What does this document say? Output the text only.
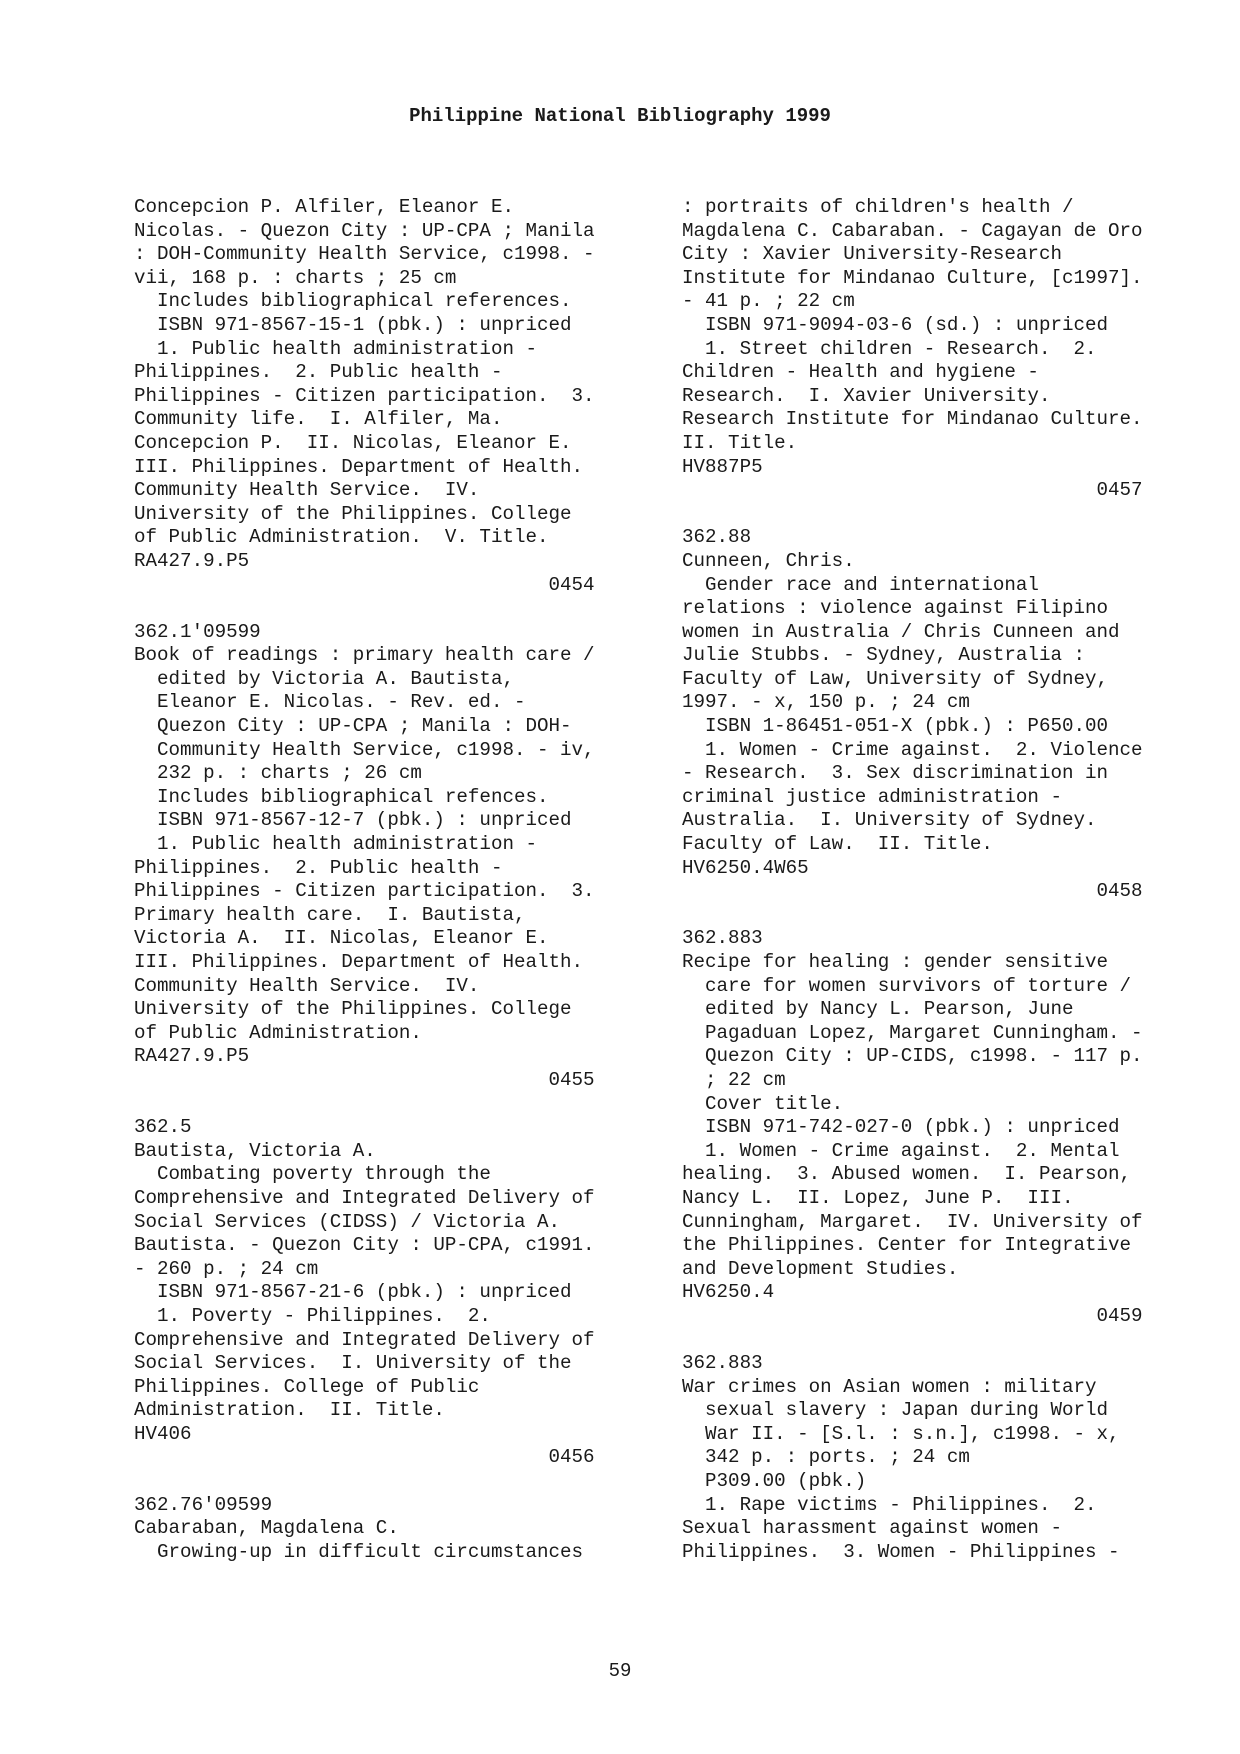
Philippine National Bibliography 1999
Concepcion P. Alfiler, Eleanor E.
Nicolas. - Quezon City : UP-CPA ; Manila
: DOH-Community Health Service, c1998. -
vii, 168 p. : charts ; 25 cm
Includes bibliographical references.
ISBN 971-8567-15-1 (pbk.) : unpriced
1. Public health administration -
Philippines.  2. Public health -
Philippines - Citizen participation.  3.
Community life.  I. Alfiler, Ma.
Concepcion P.  II. Nicolas, Eleanor E.
III. Philippines. Department of Health.
Community Health Service.  IV.
University of the Philippines. College
of Public Administration.  V. Title.
RA427.9.P5
0454
362.1'09599
Book of readings : primary health care /
edited by Victoria A. Bautista,
Eleanor E. Nicolas. - Rev. ed. -
Quezon City : UP-CPA ; Manila : DOH-
Community Health Service, c1998. - iv,
232 p. : charts ; 26 cm
Includes bibliographical refences.
ISBN 971-8567-12-7 (pbk.) : unpriced
1. Public health administration -
Philippines.  2. Public health -
Philippines - Citizen participation.  3.
Primary health care.  I. Bautista,
Victoria A.  II. Nicolas, Eleanor E.
III. Philippines. Department of Health.
Community Health Service.  IV.
University of the Philippines. College
of Public Administration.
RA427.9.P5
0455
362.5
Bautista, Victoria A.
Combating poverty through the
Comprehensive and Integrated Delivery of
Social Services (CIDSS) / Victoria A.
Bautista. - Quezon City : UP-CPA, c1991.
- 260 p. ; 24 cm
ISBN 971-8567-21-6 (pbk.) : unpriced
1. Poverty - Philippines.  2.
Comprehensive and Integrated Delivery of
Social Services.  I. University of the
Philippines. College of Public
Administration.  II. Title.
HV406
0456
362.76'09599
Cabaraban, Magdalena C.
Growing-up in difficult circumstances
: portraits of children's health /
Magdalena C. Cabaraban. - Cagayan de Oro
City : Xavier University-Research
Institute for Mindanao Culture, [c1997].
- 41 p. ; 22 cm
ISBN 971-9094-03-6 (sd.) : unpriced
1. Street children - Research.  2.
Children - Health and hygiene -
Research.  I. Xavier University.
Research Institute for Mindanao Culture.
II. Title.
HV887P5
0457
362.88
Cunneen, Chris.
Gender race and international
relations : violence against Filipino
women in Australia / Chris Cunneen and
Julie Stubbs. - Sydney, Australia :
Faculty of Law, University of Sydney,
1997. - x, 150 p. ; 24 cm
ISBN 1-86451-051-X (pbk.) : P650.00
1. Women - Crime against.  2. Violence
- Research.  3. Sex discrimination in
criminal justice administration -
Australia.  I. University of Sydney.
Faculty of Law.  II. Title.
HV6250.4W65
0458
362.883
Recipe for healing : gender sensitive
care for women survivors of torture /
edited by Nancy L. Pearson, June
Pagaduan Lopez, Margaret Cunningham. -
Quezon City : UP-CIDS, c1998. - 117 p.
; 22 cm
Cover title.
ISBN 971-742-027-0 (pbk.) : unpriced
1. Women - Crime against.  2. Mental
healing.  3. Abused women.  I. Pearson,
Nancy L.  II. Lopez, June P.  III.
Cunningham, Margaret.  IV. University of
the Philippines. Center for Integrative
and Development Studies.
HV6250.4
0459
362.883
War crimes on Asian women : military
sexual slavery : Japan during World
War II. - [S.l. : s.n.], c1998. - x,
342 p. : ports. ; 24 cm
P309.00 (pbk.)
1. Rape victims - Philippines.  2.
Sexual harassment against women -
Philippines.  3. Women - Philippines -
59
